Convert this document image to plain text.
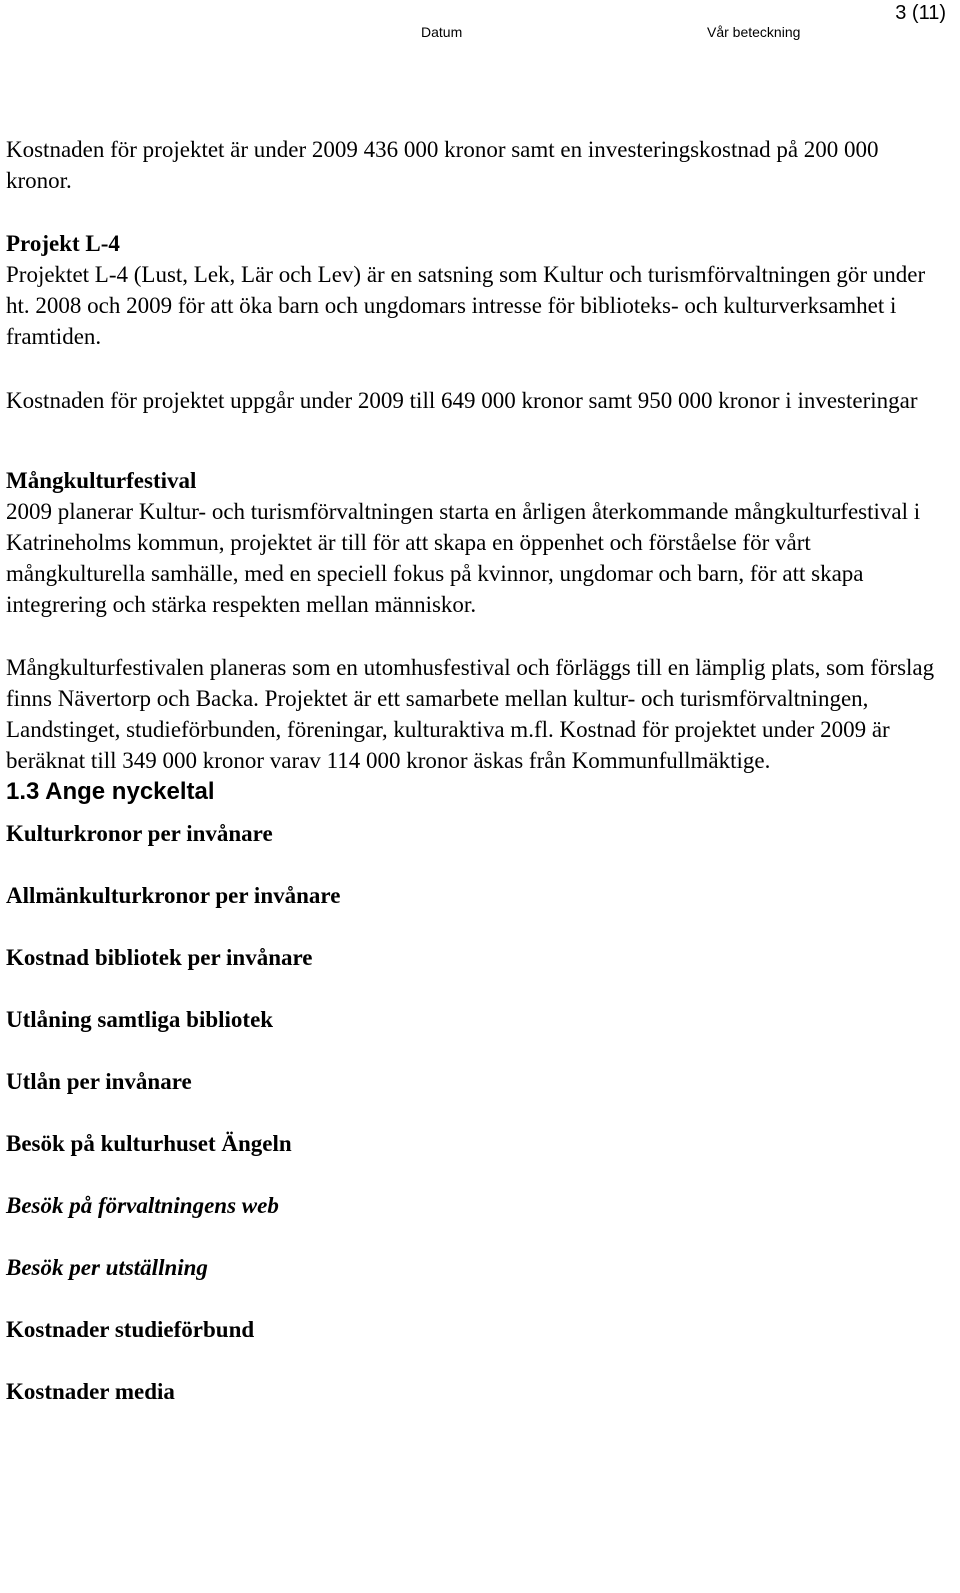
Datum	Vår beteckning
3 (11)

Kostnaden för projektet är under 2009 436 000 kronor samt en investeringskostnad på 200 000 kronor.

Projekt L-4

Projektet L-4 (Lust, Lek, Lär och Lev) är en satsning som Kultur och turismförvaltningen gör under ht. 2008 och 2009 för att öka barn och ungdomars intresse för biblioteks- och kulturverksamhet i framtiden.

Kostnaden för projektet uppgår under 2009 till 649 000 kronor samt 950 000 kronor i investeringar

Mångkulturfestival

2009 planerar Kultur- och turismförvaltningen starta en årligen återkommande mångkulturfestival i Katrineholms kommun, projektet är till för att skapa en öppenhet och förståelse för vårt mångkulturella samhälle, med en speciell fokus på kvinnor, ungdomar och barn, för att skapa integrering och stärka respekten mellan människor.

Mångkulturfestivalen planeras som en utomhusfestival och förläggs till en lämplig plats, som förslag finns Nävertorp och Backa. Projektet är ett samarbete mellan kultur- och turismförvaltningen, Landstinget, studieförbunden, föreningar, kulturaktiva m.fl. Kostnad för projektet under 2009 är beräknat till 349 000 kronor varav 114 000 kronor äskas från Kommunfullmäktige.

1.3 Ange nyckeltal
Kulturkronor per invånare
Allmänkulturkronor per invånare
Kostnad bibliotek per invånare
Utlåning samtliga bibliotek
Utlån per invånare
Besök på kulturhuset Ängeln
Besök på förvaltningens web
Besök per utställning
Kostnader studieförbund
Kostnader media
